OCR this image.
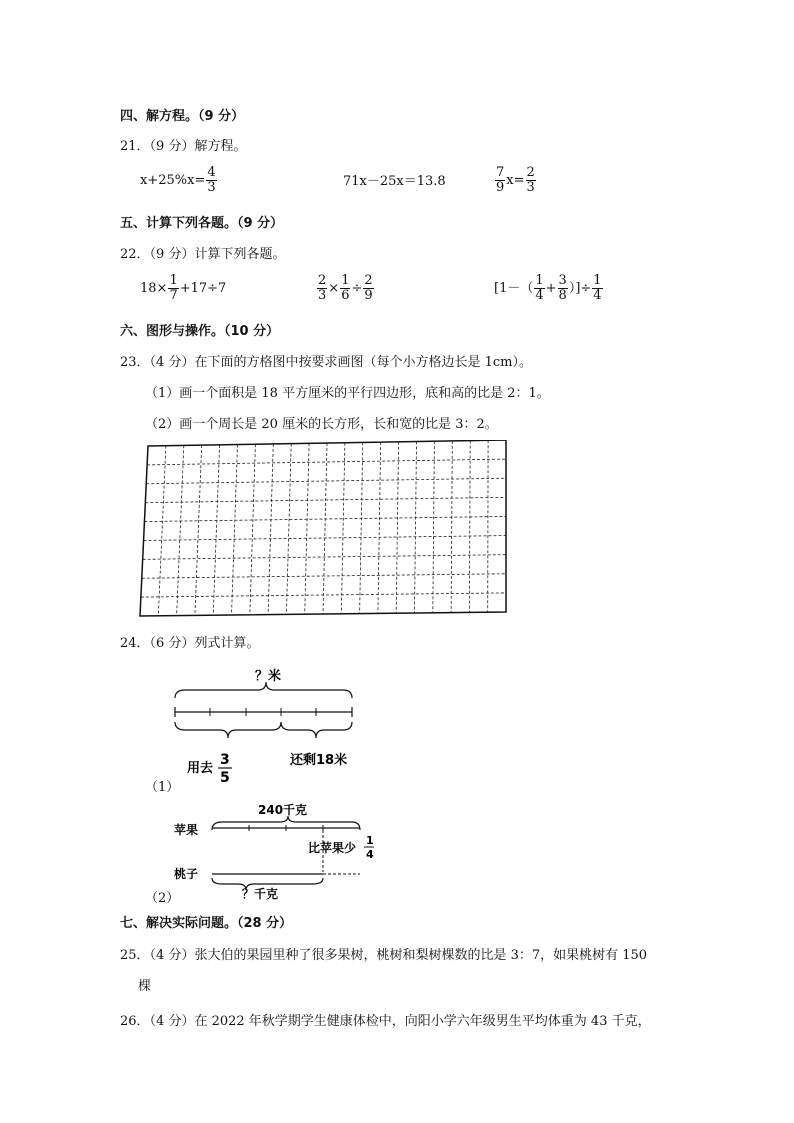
四、解方程。（9 分）
21．（9 分）解方程。
$x+25\%x= \frac{4}{3}$	71x－25x＝13.8	$\frac{7}{9} x= \frac{2}{3}$
五、计算下列各题。（9 分）
22．（9 分）计算下列各题。
$18\times \frac{1}{7} +17\div 7$	$\frac{2}{3} \times \frac{1}{6} \div \frac{2}{9}$	[$1-( \frac{1}{4} + \frac{3}{8}$ ）]÷ $\frac{1}{4}$
六、图形与操作。（10 分）
23．（4 分）在下面的方格图中按要求画图（每个小方格边长是 1cm）。
（1）画一个面积是 18 平方厘米的平行四边形，底和高的比是 2：1。
（2）画一个周长是 20 厘米的长方形，长和宽的比是 3：2。
24．（6 分）列式计算。
？米
用去
3
5
还剩18米
（1）
240千克
苹果
比苹果少
1
4
桃子
？千克
（2）
七、解决实际问题。（28 分）
25．（4 分）张大伯的果园里种了很多果树，桃树和梨树棵数的比是 3：7，如果桃树有 150
棵
26．（4 分）在 2022 年秋学期学生健康体检中，向阳小学六年级男生平均体重为 43 千克，
